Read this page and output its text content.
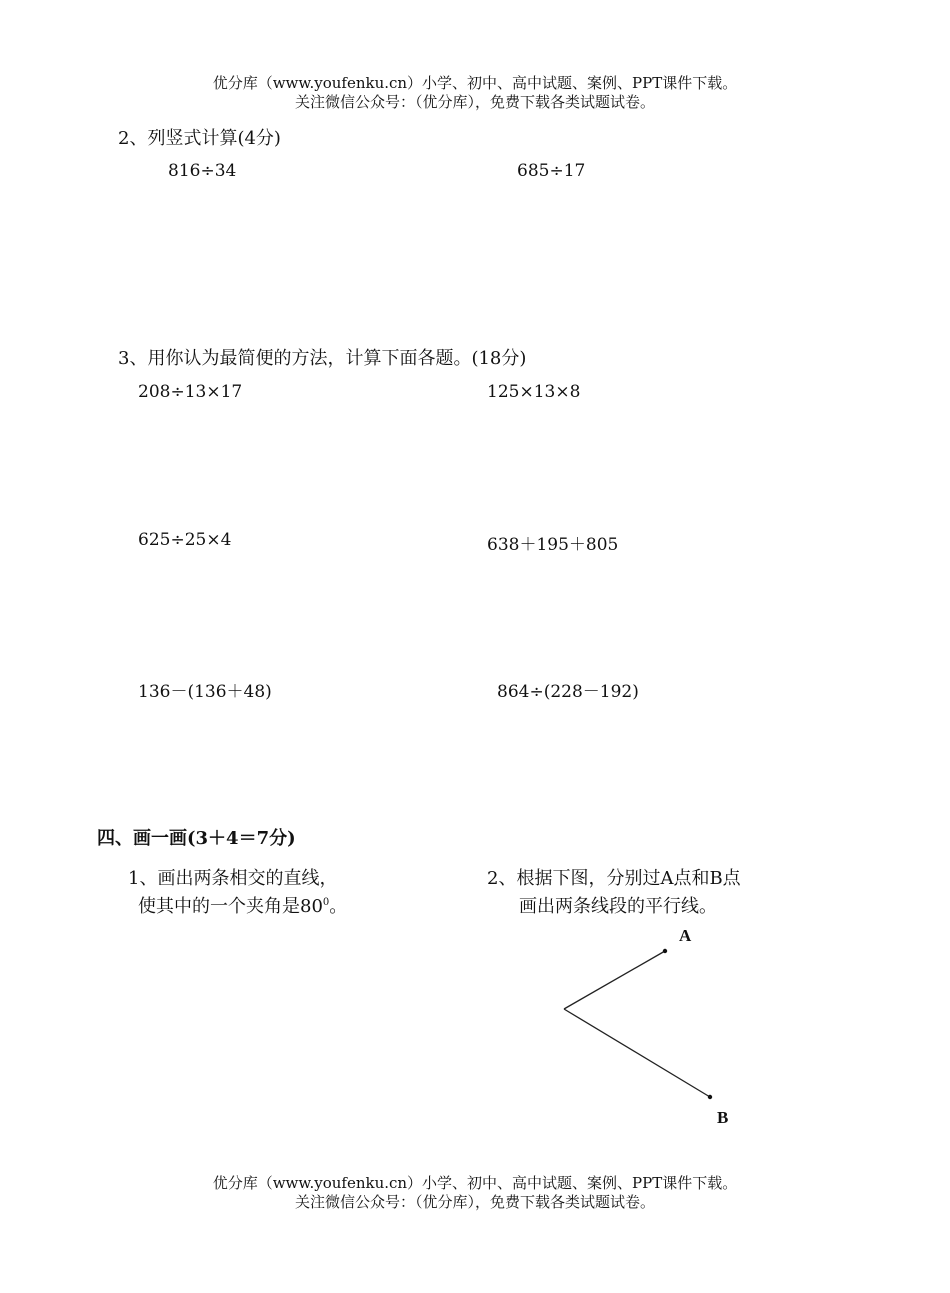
优分库（www.youfenku.cn）小学、初中、高中试题、案例、PPT课件下载。
关注微信公众号：（优分库），免费下载各类试题试卷。
2、列竖式计算(4分)
816÷34	685÷17
3、用你认为最简便的方法，计算下面各题。(18分)
208÷13×17	125×13×8
625÷25×4	638＋195＋805
136－(136＋48)	864÷(228－192)
四、画一画(3＋4＝7分)
1、画出两条相交的直线，
使其中的一个夹角是$80^0$。
2、根据下图，分别过A点和B点
画出两条线段的平行线。
A
B
优分库（www.youfenku.cn）小学、初中、高中试题、案例、PPT课件下载。
关注微信公众号：（优分库），免费下载各类试题试卷。
